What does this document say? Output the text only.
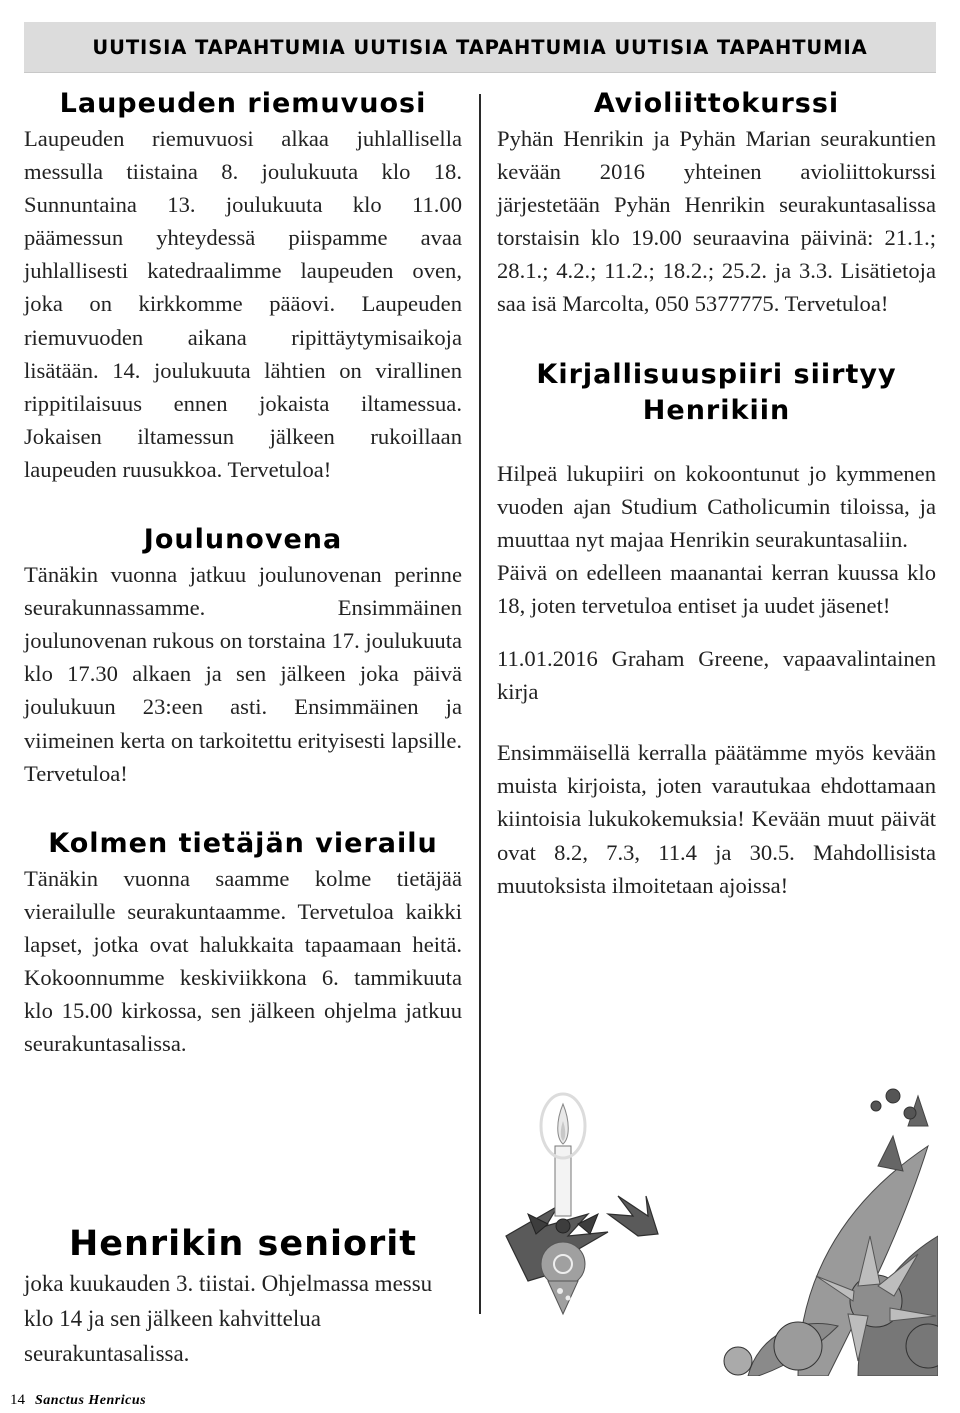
UUTISIA TAPAHTUMIA UUTISIA TAPAHTUMIA UUTISIA TAPAHTUMIA
Laupeuden riemuvuosi

Laupeuden riemuvuosi alkaa juhlallisella messulla tiistaina 8. joulukuuta klo 18. Sunnuntaina 13. joulukuuta klo 11.00 päämessun yhteydessä piispamme avaa juhlallisesti katedraalimme laupeuden oven, joka on kirkkomme pääovi. Laupeuden riemuvuoden aikana ripittäytymisaikoja lisätään. 14. joulukuuta lähtien on virallinen rippitilaisuus ennen jokaista iltamessua. Jokaisen iltamessun jälkeen rukoillaan laupeuden ruusukkoa. Tervetuloa!

Joulunovena

Tänäkin vuonna jatkuu joulunovenan perinne seurakunnassamme. Ensimmäinen joulunovenan rukous on torstaina 17. joulukuuta klo 17.30 alkaen ja sen jälkeen joka päivä joulukuun 23:een asti. Ensimmäinen ja viimeinen kerta on tarkoitettu erityisesti lapsille. Tervetuloa!

Kolmen tietäjän vierailu

Tänäkin vuonna saamme kolme tietäjää vierailulle seurakuntaamme. Tervetuloa kaikki lapset, jotka ovat halukkaita tapaamaan heitä. Kokoonnumme keskiviikkona 6. tammikuuta klo 15.00 kirkossa, sen jälkeen ohjelma jatkuu seurakuntasalissa.

Avioliittokurssi

Pyhän Henrikin ja Pyhän Marian seurakuntien kevään 2016 yhteinen avioliittokurssi järjestetään Pyhän Henrikin seurakuntasalissa torstaisin klo 19.00 seuraavina päivinä: 21.1.; 28.1.; 4.2.; 11.2.; 18.2.; 25.2. ja 3.3. Lisätietoja saa isä Marcolta, 050 5377775. Tervetuloa!

Kirjallisuuspiiri siirtyy Henrikiin

Hilpeä lukupiiri on kokoontunut jo kymmenen vuoden ajan Studium Catholicumin tiloissa, ja muuttaa nyt majaa Henrikin seurakuntasaliin.

Päivä on edelleen maanantai kerran kuussa klo 18, joten tervetuloa entiset ja uudet jäsenet!

11.01.2016 Graham Greene, vapaavalintainen kirja

Ensimmäisellä kerralla päätämme myös kevään muista kirjoista, joten varautukaa ehdottamaan kiintoisia lukukokemuksia! Kevään muut päivät ovat 8.2, 7.3, 11.4 ja 30.5. Mahdollisista muutoksista ilmoitetaan ajoissa!

Henrikin seniorit

joka kuukauden 3. tiistai. Ohjelmassa messu klo 14 ja sen jälkeen kahvittelua seurakuntasalissa.

14 Sanctus Henricus
